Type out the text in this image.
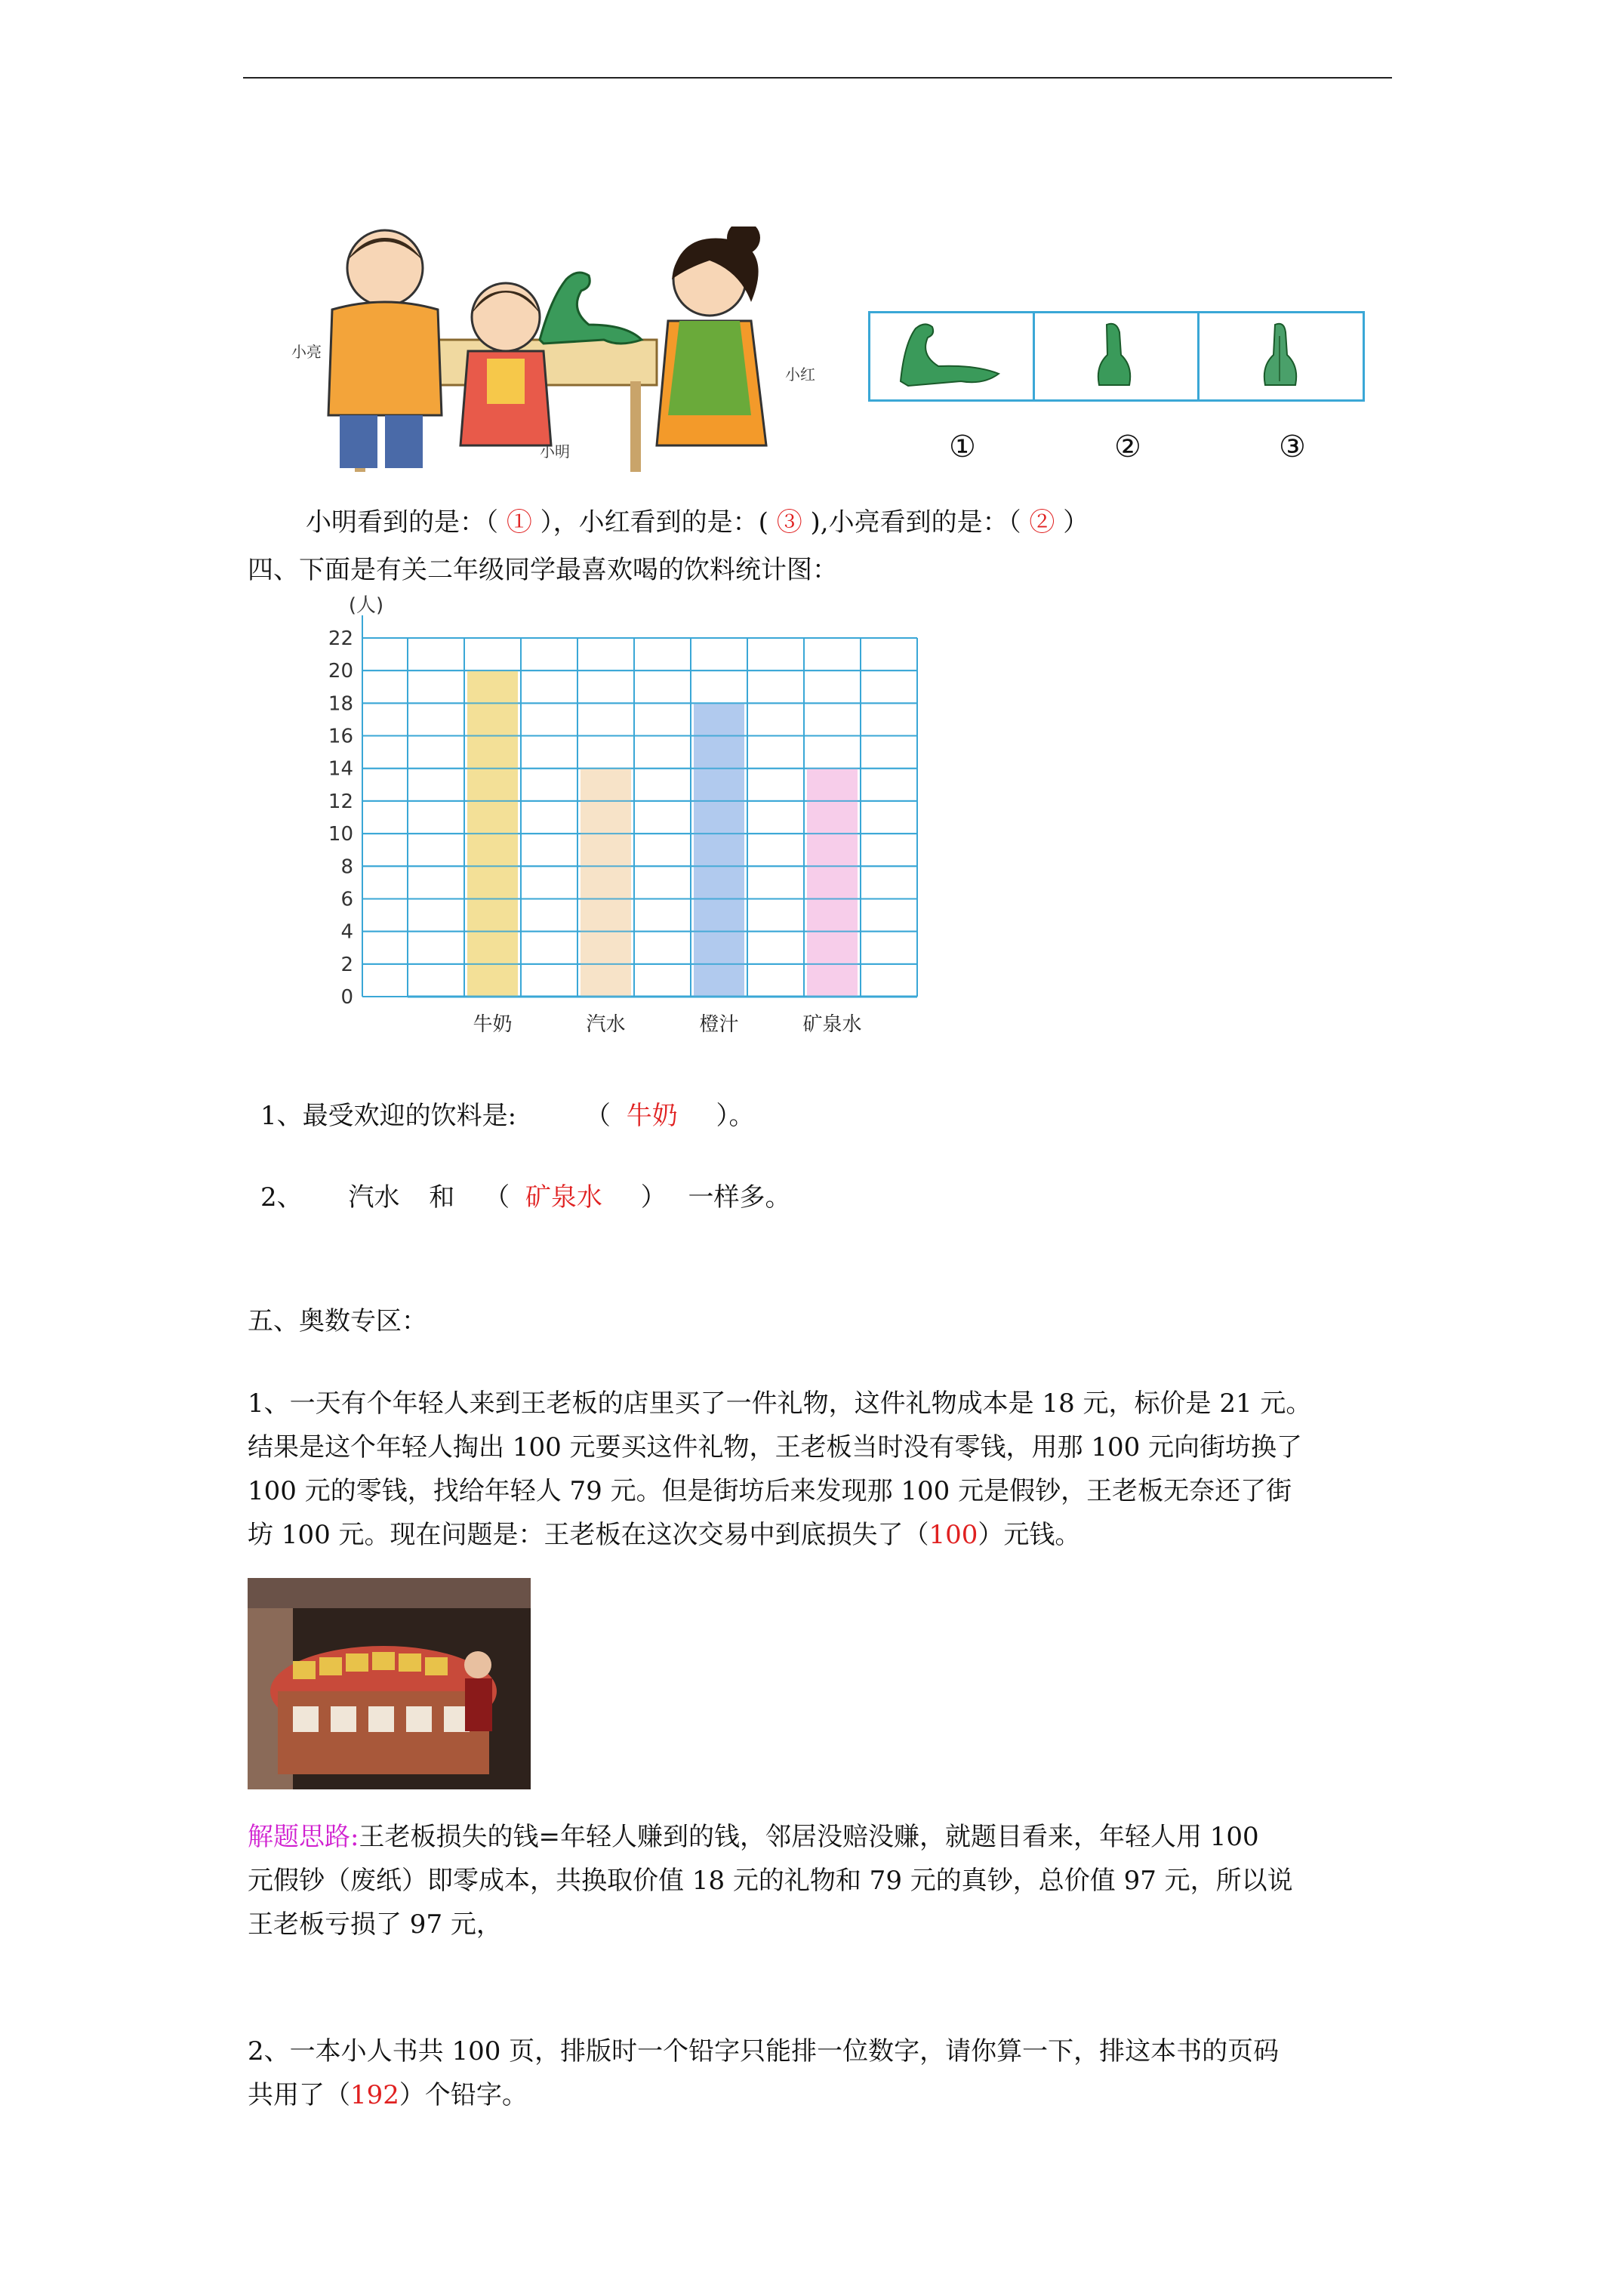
小亮
小明
小红
①	②	③
小明看到的是：（ ① ），小红看到的是：( ③ ),小亮看到的是：（ ② ）
四、下面是有关二年级同学最喜欢喝的饮料统计图：
(人)
0
2
4
6
8
10
12
14
16
18
20
22
牛奶	汽水	橙汁	矿泉水
1、最受欢迎的饮料是:	（ 牛奶 ）。
2、 汽水 和 （ 矿泉水 ） 一样多。
五、奥数专区：
1、一天有个年轻人来到王老板的店里买了一件礼物，这件礼物成本是 18 元，标价是 21 元。
结果是这个年轻人掏出 100 元要买这件礼物，王老板当时没有零钱，用那 100 元向街坊换了
100 元的零钱，找给年轻人 79 元。但是街坊后来发现那 100 元是假钞，王老板无奈还了街
坊 100 元。现在问题是：王老板在这次交易中到底损失了（100）元钱。
解题思路:王老板损失的钱=年轻人赚到的钱，邻居没赔没赚，就题目看来，年轻人用 100
元假钞（废纸）即零成本，共换取价值 18 元的礼物和 79 元的真钞，总价值 97 元，所以说
王老板亏损了 97 元，
2、一本小人书共 100 页，排版时一个铅字只能排一位数字，请你算一下，排这本书的页码
共用了（192）个铅字。
